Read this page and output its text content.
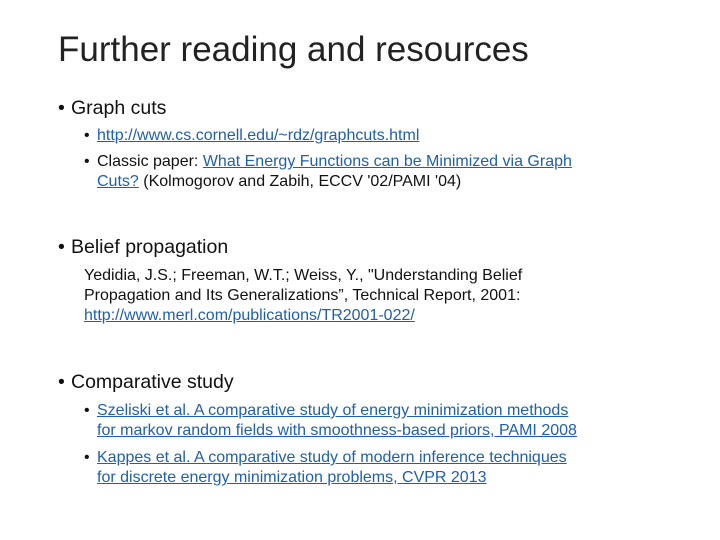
Further reading and resources
• Graph cuts
• http://www.cs.cornell.edu/~rdz/graphcuts.html
• Classic paper: What Energy Functions can be Minimized via Graph
Cuts? (Kolmogorov and Zabih, ECCV '02/PAMI '04)
• Belief propagation
Yedidia, J.S.; Freeman, W.T.; Weiss, Y., "Understanding Belief
Propagation and Its Generalizations”, Technical Report, 2001:
http://www.merl.com/publications/TR2001-022/
• Comparative study
• Szeliski et al. A comparative study of energy minimization methods
for markov random fields with smoothness-based priors, PAMI 2008
• Kappes et al. A comparative study of modern inference techniques
for discrete energy minimization problems, CVPR 2013
